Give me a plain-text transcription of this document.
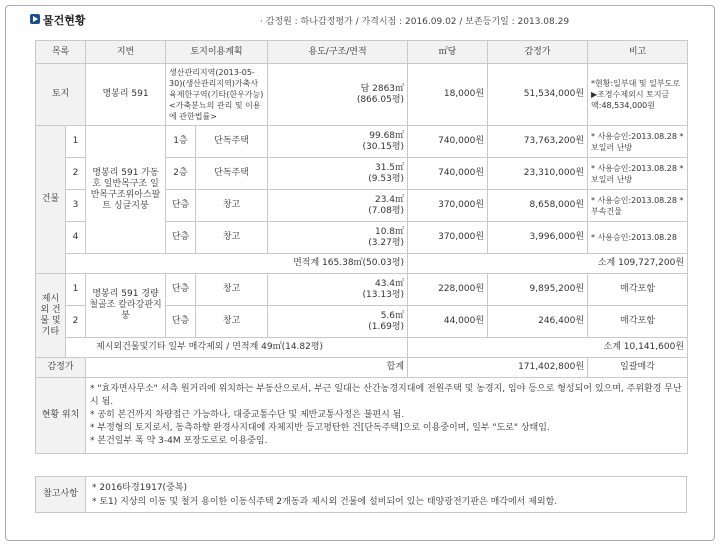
물건현황	· 감정원 : 하나감정평가 / 가격시점 : 2016.09.02 / 보존등기일 : 2013.08.29
목록		지번	토지이용계획		용도/구조/면적	㎡당	감정가	비고
토지		명봉리 591	생산관리지역(2013-05-30)(생산관리지역)가축사육제한구역(기타(한우가능)<가축분뇨의 관리 및 이용에 관한법률>		답 2863㎡
(866.05평)	18,000원	51,534,000원	*현황:일부대 및 일부도로 ▶조경수제외시 토지금액:48,534,000원
건물	1	명봉리 591 가동호 일반목구조 일반목구조위아스팔트 싱글지붕	1층	단독주택	99.68㎡
(30.15평)	740,000원	73,763,200원	* 사용승인:2013.08.28 * 보일러 난방
	2		2층	단독주택	31.5㎡
(9.53평)	740,000원	23,310,000원	* 사용승인:2013.08.28 * 보일러 난방
	3		단층	창고	23.4㎡
(7.08평)	370,000원	8,658,000원	* 사용승인:2013.08.28 * 부속건물
	4		단층	창고	10.8㎡
(3.27평)	370,000원	3,996,000원	* 사용승인:2013.08.28
	면적계 165.38㎡(50.03평)					소계 109,727,200원		
제시외 건물 및기타	1	명봉리 591 경량철골조 칼라강판지붕	단층	창고	43.4㎡
(13.13평)	228,000원	9,895,200원	매각포함
	2		단층	창고	5.6㎡
(1.69평)	44,000원	246,400원	매각포함
	제시외건물및기타 일부 매각제외 / 면적계 49㎡(14.82평)					소계 10,141,600원		
감정가		합계				171,402,800원		일괄매각
현황 위치		* "효자면사무소" 서측 원거리에 위치하는 부동산으로서, 부근 일대는 산간농경지대에 전원주택 및 농경지, 임야 등으로 형성되어 있으며, 주위환경 무난시 됨.
* 공히 본건까지 차량접근 가능하나, 대중교통수단 및 제반교통사정은 불편시 됨.
* 부정형의 토지로서, 동측하향 완경사지대에 자체지반 등고평탄한 건[단독주택]으로 이용중이며, 일부 "도로" 상태임.
* 본건일부 폭 약 3-4M 포장도로로 이용중임.						
참고사항	
* 2016타경1917(중복)
* 토1) 지상의 이동 및 철거 용이한 이동식주택 2개동과 제시외 건물에 설비되어 있는 태양광전기판은 매각에서 제외함.
